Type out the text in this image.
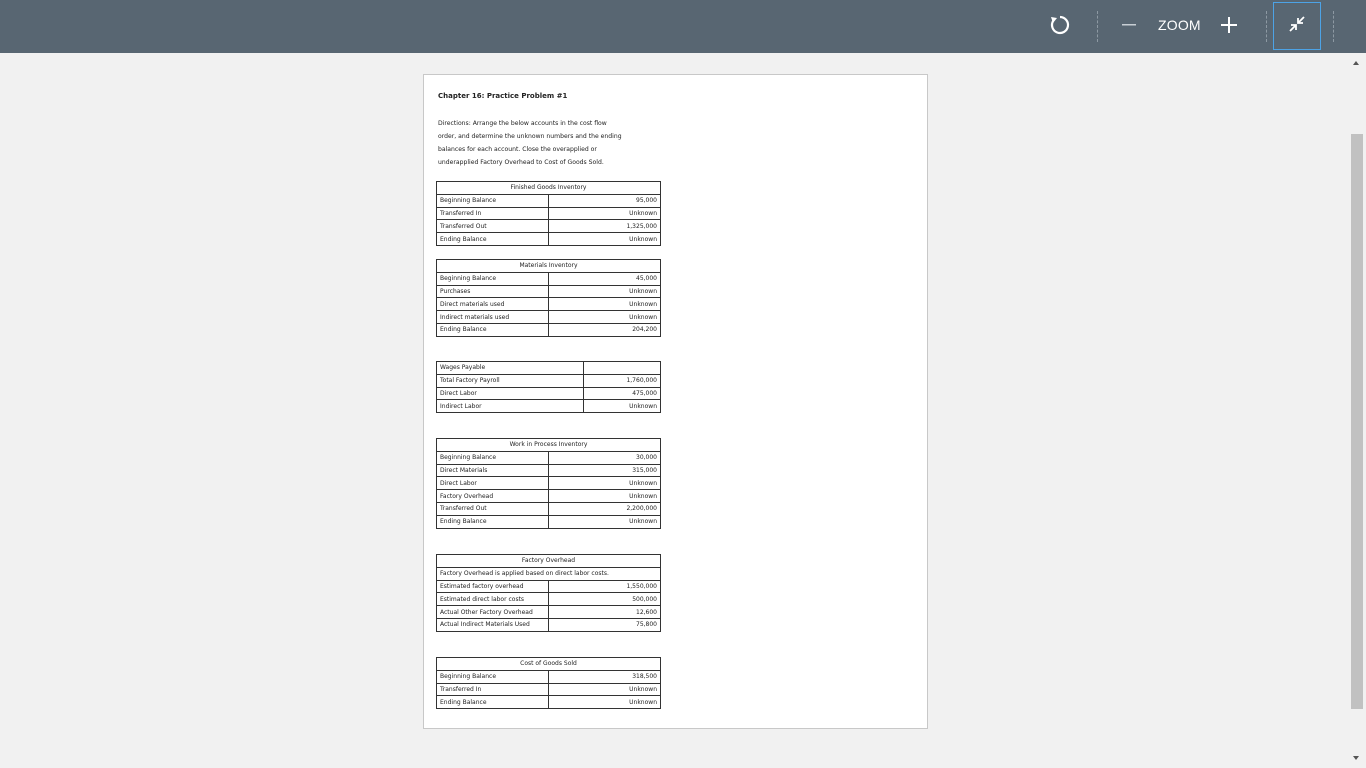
ZOOM
Chapter 16: Practice Problem #1
Directions: Arrange the below accounts in the cost flow
order, and determine the unknown numbers and the ending
balances for each account. Close the overapplied or
underapplied Factory Overhead to Cost of Goods Sold.
Finished Goods Inventory	
Beginning Balance	95,000
Transferred In	Unknown
Transferred Out	1,325,000
Ending Balance	Unknown
Materials Inventory	
Beginning Balance	45,000
Purchases	Unknown
Direct materials used	Unknown
Indirect materials used	Unknown
Ending Balance	204,200
Wages Payable	
Total Factory Payroll	1,760,000
Direct Labor	475,000
Indirect Labor	Unknown
Work in Process Inventory	
Beginning Balance	30,000
Direct Materials	315,000
Direct Labor	Unknown
Factory Overhead	Unknown
Transferred Out	2,200,000
Ending Balance	Unknown
Factory Overhead	
Factory Overhead is applied based on direct labor costs.	
Estimated factory overhead	1,550,000
Estimated direct labor costs	500,000
Actual Other Factory Overhead	12,600
Actual Indirect Materials Used	75,800
Cost of Goods Sold	
Beginning Balance	318,500
Transferred In	Unknown
Ending Balance	Unknown
